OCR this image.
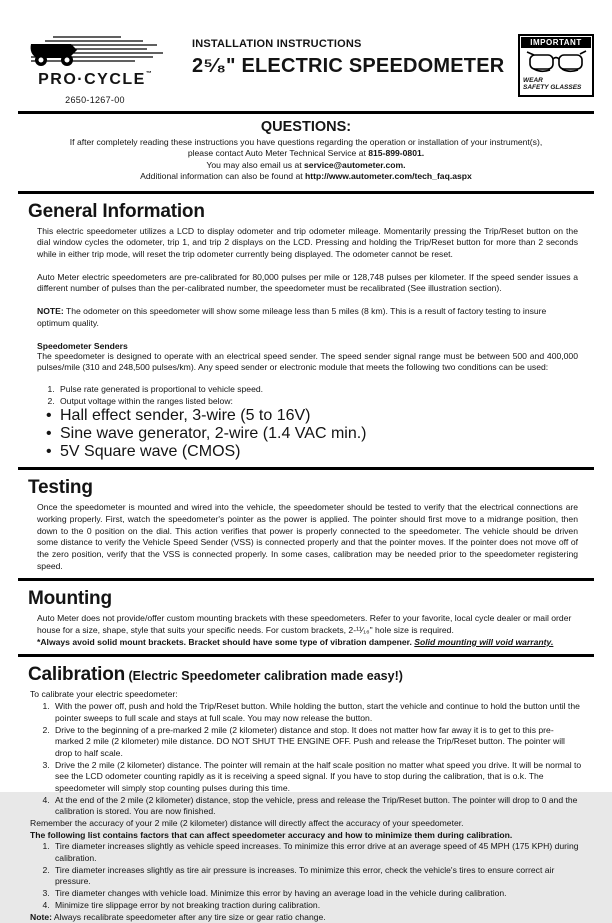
PRO·CYCLE™
2650-1267-00
INSTALLATION INSTRUCTIONS
2⁵⁄₈" ELECTRIC SPEEDOMETER
IMPORTANT
WEAR
SAFETY GLASSES
QUESTIONS:
If after completely reading these instructions you have questions regarding the operation or installation of your instrument(s),
please contact Auto Meter Technical Service at 815-899-0801.
You may also email us at service@autometer.com.
Additional information can also be found at http://www.autometer.com/tech_faq.aspx
General Information
This electric speedometer utilizes a LCD to display odometer and trip odometer mileage. Momentarily pressing the Trip/Reset button on the dial window cycles the odometer, trip 1, and trip 2 displays on the LCD. Pressing and holding the Trip/Reset button for more than 2 seconds while in either trip mode, will reset the trip odometer currently being displayed. The odometer cannot be reset.
Auto Meter electric speedometers are pre-calibrated for 80,000 pulses per mile or 128,748 pulses per kilometer. If the speed sender issues a different number of pulses than the per-calibrated number, the speedometer must be recalibrated (See illustration section).
NOTE: The odometer on this speedometer will show some mileage less than 5 miles (8 km). This is a result of factory testing to insure optimum quality.
Speedometer Senders
The speedometer is designed to operate with an electrical speed sender. The speed sender signal range must be between 500 and 400,000 pulses/mile (310 and 248,500 pulses/km). Any speed sender or electronic module that meets the following two conditions can be used:
1. Pulse rate generated is proportional to vehicle speed.
2. Output voltage within the ranges listed below:
• Hall effect sender, 3-wire (5 to 16V)
• Sine wave generator, 2-wire (1.4 VAC min.)
• 5V Square wave (CMOS)
Testing
Once the speedometer is mounted and wired into the vehicle, the speedometer should be tested to verify that the electrical connections are working properly. First, watch the speedometer's pointer as the power is applied. The pointer should first move to a midrange position, then down to the 0 position on the dial. This action verifies that power is properly connected to the speedometer. The vehicle should be driven some distance to verify the Vehicle Speed Sender (VSS) is connected properly and that the pointer moves. If the pointer does not move off of the zero position, verify that the VSS is connected properly. In some cases, calibration may be needed prior to the speedometer registering speed.
Mounting
Auto Meter does not provide/offer custom mounting brackets with these speedometers. Refer to your favorite, local cycle dealer or mail order house for a size, shape, style that suits your specific needs. For custom brackets, 2-¹¹⁄₁₆" hole size is required.
*Always avoid solid mount brackets. Bracket should have some type of vibration dampener. Solid mounting will void warranty.
Calibration (Electric Speedometer calibration made easy!)
To calibrate your electric speedometer:
1. With the power off, push and hold the Trip/Reset button. While holding the button, start the vehicle and continue to hold the button until the pointer sweeps to full scale and stays at full scale. You may now release the button.
2. Drive to the beginning of a pre-marked 2 mile (2 kilometer) distance and stop. It does not matter how far away it is to get to this pre-marked 2 mile (2 kilometer) mile distance. DO NOT SHUT THE ENGINE OFF. Push and release the Trip/Reset button. The pointer will drop to half scale.
3. Drive the 2 mile (2 kilometer) distance. The pointer will remain at the half scale position no matter what speed you drive. It will be normal to see the LCD odometer counting rapidly as it is receiving a speed signal. If you have to stop during the calibration, that is o.k. The speedometer will simply stop counting pulses during this time.
4. At the end of the 2 mile (2 kilometer) distance, stop the vehicle, press and release the Trip/Reset button. The pointer will drop to 0 and the calibration is stored. You are now finished.
Remember the accuracy of your 2 mile (2 kilometer) distance will directly affect the accuracy of your speedometer.
The following list contains factors that can affect speedometer accuracy and how to minimize them during calibration.
1. Tire diameter increases slightly as vehicle speed increases. To minimize this error drive at an average speed of 45 MPH (175 KPH) during calibration.
2. Tire diameter increases slightly as tire air pressure is increases. To minimize this error, check the vehicle's tires to ensure correct air pressure.
3. Tire diameter changes with vehicle load. Minimize this error by having an average load in the vehicle during calibration.
4. Minimize tire slippage error by not breaking traction during calibration.
Note: Always recalibrate speedometer after any tire size or gear ratio change.
